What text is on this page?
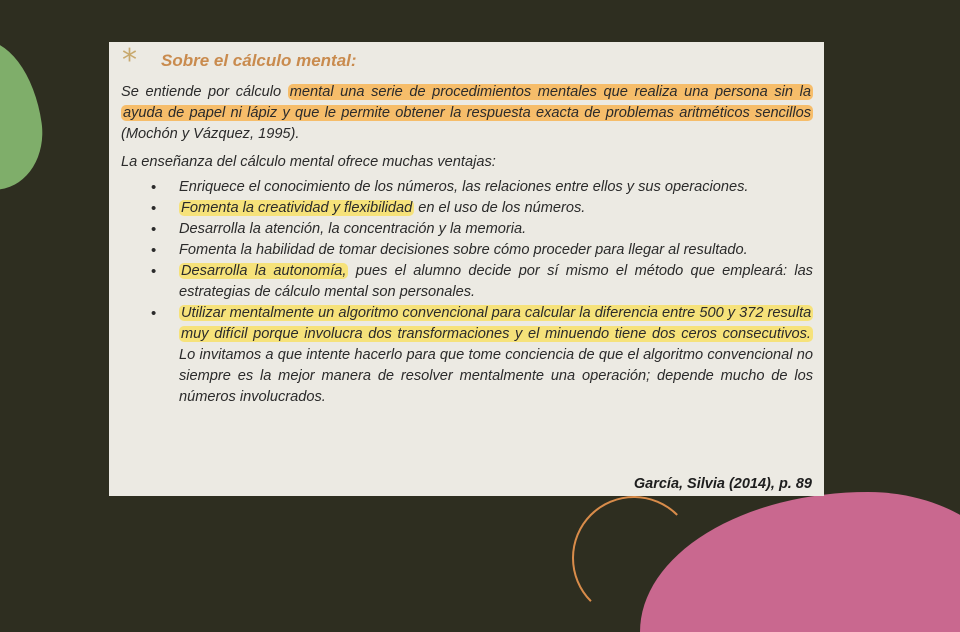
* Sobre el cálculo mental:
Se entiende por cálculo mental una serie de procedimientos mentales que realiza una persona sin la ayuda de papel ni lápiz y que le permite obtener la respuesta exacta de problemas aritméticos sencillos (Mochón y Vázquez, 1995).
La enseñanza del cálculo mental ofrece muchas ventajas:
• Enriquece el conocimiento de los números, las relaciones entre ellos y sus operaciones.
• Fomenta la creatividad y flexibilidad en el uso de los números.
• Desarrolla la atención, la concentración y la memoria.
• Fomenta la habilidad de tomar decisiones sobre cómo proceder para llegar al resultado.
• Desarrolla la autonomía, pues el alumno decide por sí mismo el método que empleará: las estrategias de cálculo mental son personales.
• Utilizar mentalmente un algoritmo convencional para calcular la diferencia entre 500 y 372 resulta muy difícil porque involucra dos transformaciones y el minuendo tiene dos ceros consecutivos. Lo invitamos a que intente hacerlo para que tome conciencia de que el algoritmo convencional no siempre es la mejor manera de resolver mentalmente una operación; depende mucho de los números involucrados.
García, Silvia (2014), p. 89
